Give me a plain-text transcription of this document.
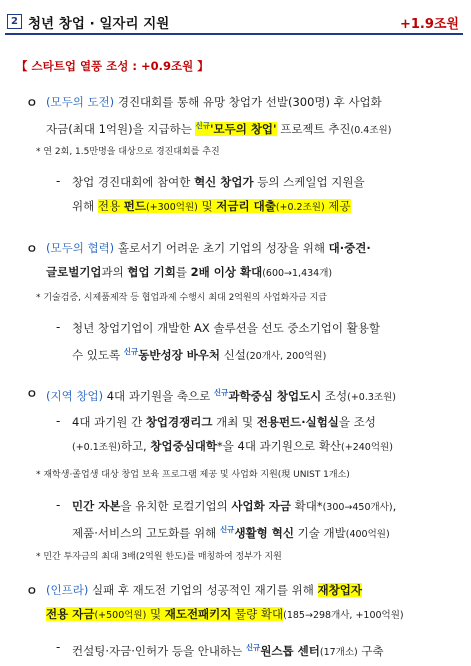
2 청년 창업 · 일자리 지원	+1.9조원
【 스타트업 열풍 조성 : +0.9조원 】
ㅇ (모두의 도전) 경진대회를 통해 유망 창업가 선발(300명) 후 사업화
자금(최대 1억원)을 지급하는 $^{신규}$'모두의 창업' 프로젝트 추진(0.4조원)
* 연 2회, 1.5만명을 대상으로 경진대회를 추진
- 창업 경진대회에 참여한 혁신 창업가 등의 스케일업 지원을
위해 전용 펀드(+300억원) 및 저금리 대출(+0.2조원) 제공
ㅇ (모두의 협력) 홀로서기 어려운 초기 기업의 성장을 위해 대·중견·
글로벌기업과의 협업 기회를 2배 이상 확대(600→1,434개)
* 기술검증, 시제품제작 등 협업과제 수행시 최대 2억원의 사업화자금 지급
- 청년 창업기업이 개발한 AX 솔루션을 선도 중소기업이 활용할
수 있도록 $^{신규}$동반성장 바우처 신설(20개사, 200억원)
ㅇ (지역 창업) 4대 과기원을 축으로 $^{신규}$과학중심 창업도시 조성(+0.3조원)
- 4대 과기원 간 창업경쟁리그 개최 및 전용펀드·실험실을 조성
(+0.1조원)하고, 창업중심대학*을 4대 과기원으로 확산(+240억원)
* 재학생·졸업생 대상 창업 보육 프로그램 제공 및 사업화 지원(現 UNIST 1개소)
- 민간 자본을 유치한 로컬기업의 사업화 자금 확대*(300→450개사),
제품·서비스의 고도화를 위해 $^{신규}$생활형 혁신 기술 개발(400억원)
* 민간 투자금의 최대 3배(2억원 한도)를 매칭하여 정부가 지원
ㅇ (인프라) 실패 후 재도전 기업의 성공적인 재기를 위해 재창업자
전용 자금(+500억원) 및 재도전패키지 물량 확대(185→298개사, +100억원)
- 컨설팅·자금·인허가 등을 안내하는 $^{신규}$원스톱 센터(17개소) 구축
